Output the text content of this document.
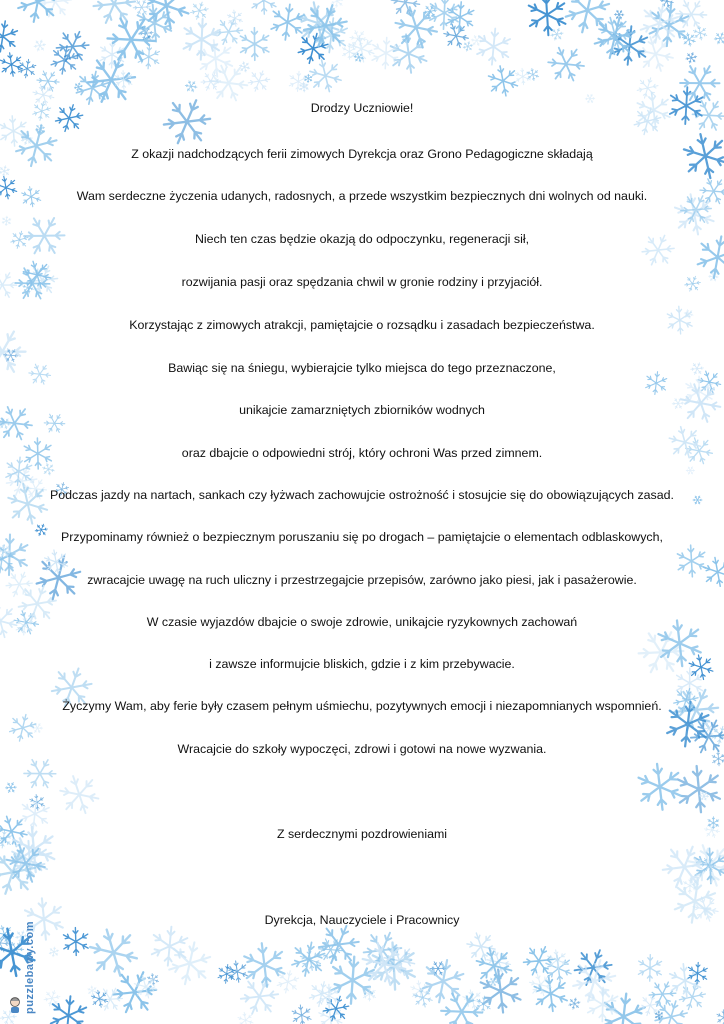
Drodzy Uczniowie!
Z okazji nadchodzących ferii zimowych Dyrekcja oraz Grono Pedagogiczne składają
Wam serdeczne życzenia udanych, radosnych, a przede wszystkim bezpiecznych dni wolnych od nauki.
Niech ten czas będzie okazją do odpoczynku, regeneracji sił,
rozwijania pasji oraz spędzania chwil w gronie rodziny i przyjaciół.
Korzystając z zimowych atrakcji, pamiętajcie o rozsądku i zasadach bezpieczeństwa.
Bawiąc się na śniegu, wybierajcie tylko miejsca do tego przeznaczone,
unikajcie zamarzniętych zbiorników wodnych
oraz dbajcie o odpowiedni strój, który ochroni Was przed zimnem.
Podczas jazdy na nartach, sankach czy łyżwach zachowujcie ostrożność i stosujcie się do obowiązujących zasad.
Przypominamy również o bezpiecznym poruszaniu się po drogach – pamiętajcie o elementach odblaskowych,
zwracajcie uwagę na ruch uliczny i przestrzegajcie przepisów, zarówno jako piesi, jak i pasażerowie.
W czasie wyjazdów dbajcie o swoje zdrowie, unikajcie ryzykownych zachowań
i zawsze informujcie bliskich, gdzie i z kim przebywacie.
Życzymy Wam, aby ferie były czasem pełnym uśmiechu, pozytywnych emocji i niezapomnianych wspomnień.
Wracajcie do szkoły wypoczęci, zdrowi i gotowi na nowe wyzwania.
Z serdecznymi pozdrowieniami
Dyrekcja, Nauczyciele i Pracownicy
puzzlebawy.com
